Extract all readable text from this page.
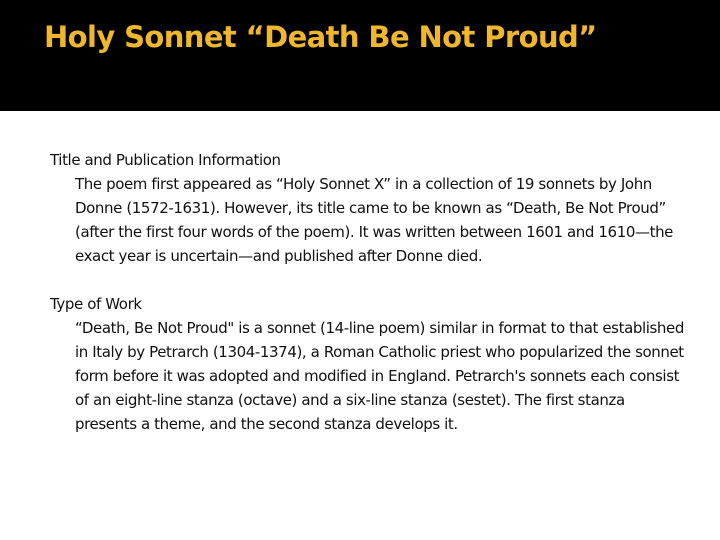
Holy Sonnet “Death Be Not Proud”

Title and Publication Information

The poem first appeared as “Holy Sonnet X” in a collection of 19 sonnets by John Donne (1572-1631). However, its title came to be known as “Death, Be Not Proud” (after the first four words of the poem). It was written between 1601 and 1610—the exact year is uncertain—and published after Donne died.

Type of Work

“Death, Be Not Proud" is a sonnet (14-line poem) similar in format to that established in Italy by Petrarch (1304-1374), a Roman Catholic priest who popularized the sonnet form before it was adopted and modified in England. Petrarch's sonnets each consist of an eight-line stanza (octave) and a six-line stanza (sestet). The first stanza presents a theme, and the second stanza develops it.
